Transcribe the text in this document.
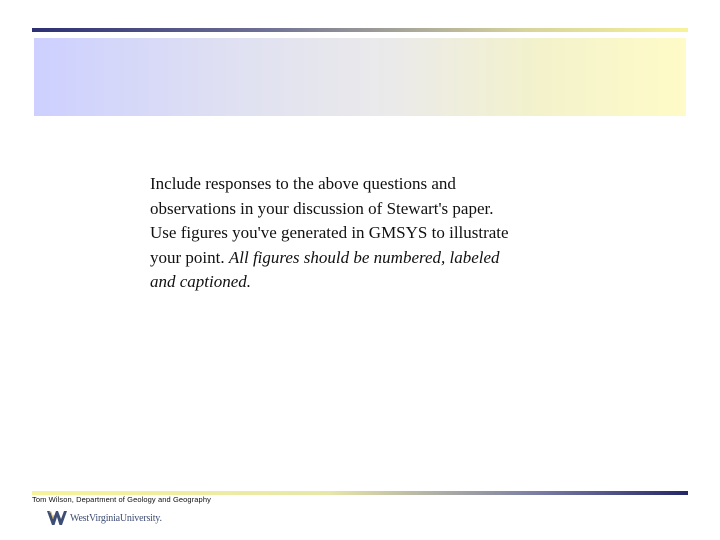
Include responses to the above questions and
observations in your discussion of Stewart's paper.
Use figures you've generated in GMSYS to illustrate
your point. All figures should be numbered, labeled
and captioned.
Tom Wilson, Department of Geology and Geography
WestVirginiaUniversity.
